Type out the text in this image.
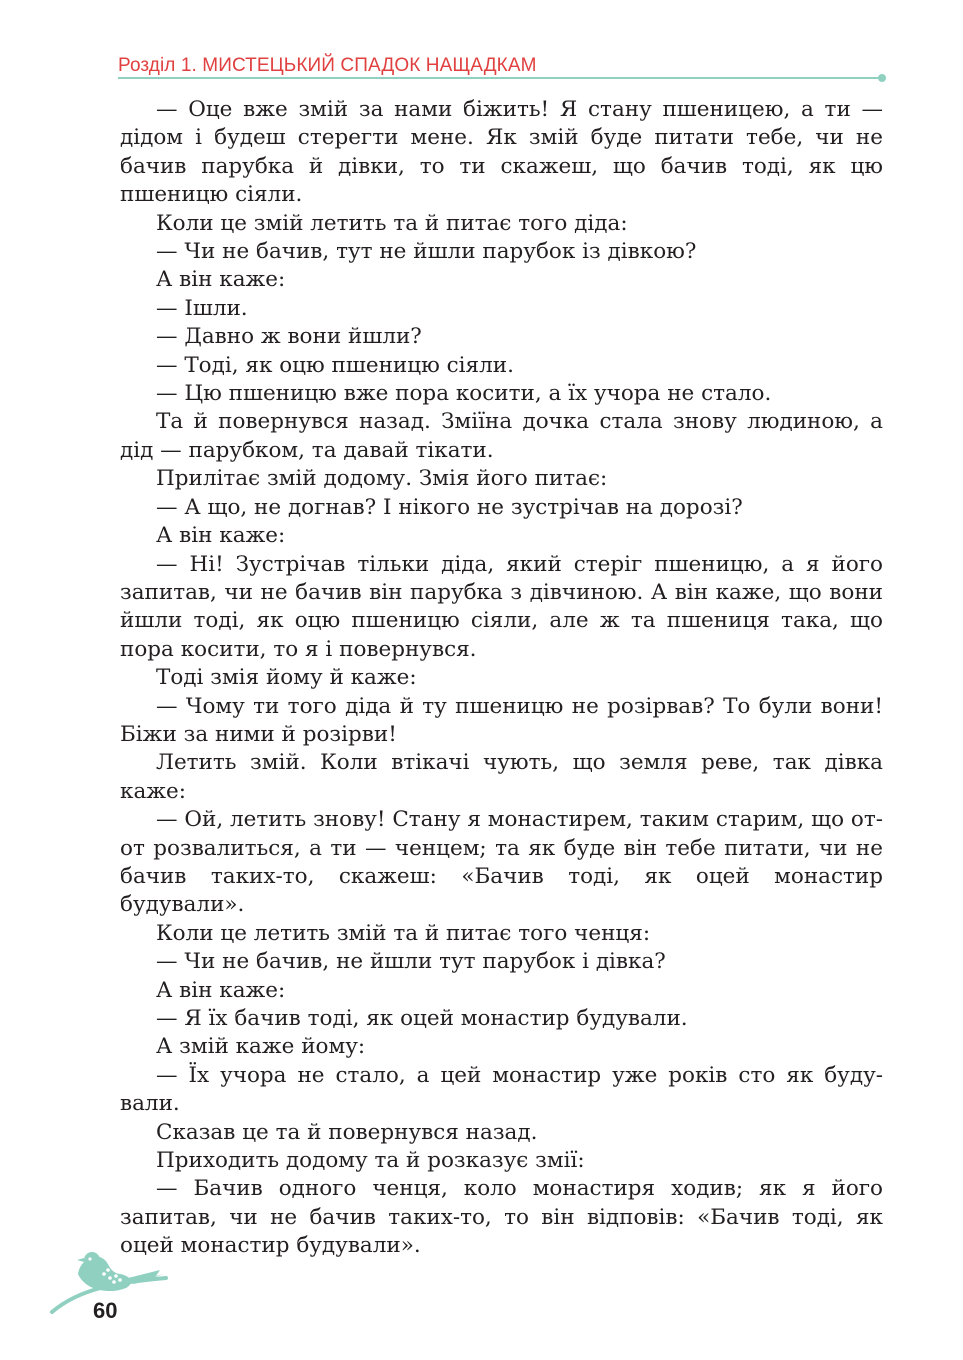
Розділ 1. МИСТЕЦЬКИЙ СПАДОК НАЩАДКАМ

— Оце вже змій за нами біжить! Я стану пшеницею, а ти — дідом і будеш стерегти мене. Як змій буде питати тебе, чи не бачив парубка й дівки, то ти скажеш, що бачив тоді, як цю пшеницю сіяли.

Коли це змій летить та й питає того діда:

— Чи не бачив, тут не йшли парубок із дівкою?

А він каже:

— Ішли.

— Давно ж вони йшли?

— Тоді, як оцю пшеницю сіяли.

— Цю пшеницю вже пора косити, а їх учора не стало.

Та й повернувся назад. Зміїна дочка стала знову людиною, а дід — парубком, та давай тікати.

Прилітає змій додому. Змія його питає:

— А що, не догнав? І нікого не зустрічав на дорозі?

А він каже:

— Ні! Зустрічав тільки діда, який стеріг пшеницю, а я його запитав, чи не бачив він парубка з дівчиною. А він каже, що вони йшли тоді, як оцю пшеницю сіяли, але ж та пшениця така, що пора косити, то я і повернувся.

Тоді змія йому й каже:

— Чому ти того діда й ту пшеницю не розірвав? То були вони! Біжи за ними й розірви!

Летить змій. Коли втікачі чують, що земля реве, так дівка каже:

— Ой, летить знову! Стану я монастирем, таким старим, що от-от розвалиться, а ти — ченцем; та як буде він тебе питати, чи не бачив таких-то, скажеш: «Бачив тоді, як оцей монастир будували».

Коли це летить змій та й питає того ченця:

— Чи не бачив, не йшли тут парубок і дівка?

А він каже:

— Я їх бачив тоді, як оцей монастир будували.

А змій каже йому:

— Їх учора не стало, а цей монастир уже років сто як буду-вали.

Сказав це та й повернувся назад.

Приходить додому та й розказує змії:

— Бачив одного ченця, коло монастиря ходив; як я його запитав, чи не бачив таких-то, то він відповів: «Бачив тоді, як оцей монастир будували».

60
